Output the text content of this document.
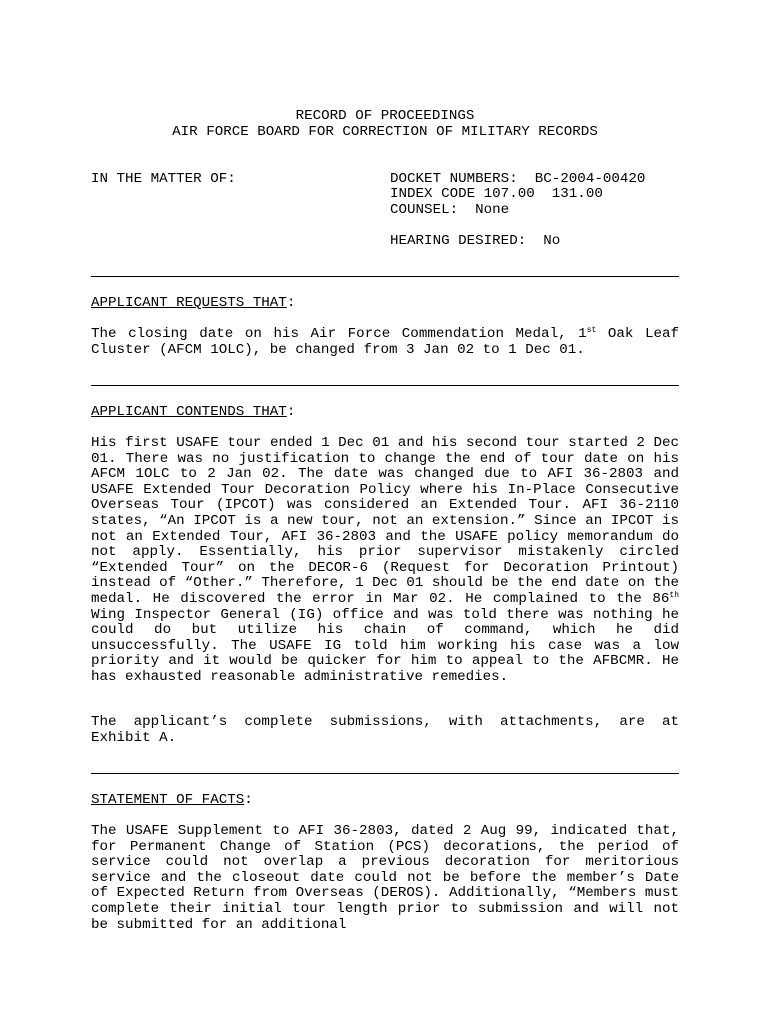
RECORD OF PROCEEDINGS
AIR FORCE BOARD FOR CORRECTION OF MILITARY RECORDS
IN THE MATTER OF:	DOCKET NUMBERS:  BC-2004-00420
INDEX CODE 107.00  131.00
COUNSEL:  None
HEARING DESIRED:  No
APPLICANT REQUESTS THAT:
The closing date on his Air Force Commendation Medal, 1st Oak Leaf Cluster (AFCM 1OLC), be changed from 3 Jan 02 to 1 Dec 01.
APPLICANT CONTENDS THAT:
His first USAFE tour ended 1 Dec 01 and his second tour started 2 Dec 01. There was no justification to change the end of tour date on his AFCM 1OLC to 2 Jan 02. The date was changed due to AFI 36-2803 and USAFE Extended Tour Decoration Policy where his In-Place Consecutive Overseas Tour (IPCOT) was considered an Extended Tour. AFI 36-2110 states, “An IPCOT is a new tour, not an extension.” Since an IPCOT is not an Extended Tour, AFI 36-2803 and the USAFE policy memorandum do not apply. Essentially, his prior supervisor mistakenly circled “Extended Tour” on the DECOR-6 (Request for Decoration Printout) instead of “Other.” Therefore, 1 Dec 01 should be the end date on the medal. He discovered the error in Mar 02. He complained to the 86th Wing Inspector General (IG) office and was told there was nothing he could do but utilize his chain of command, which he did unsuccessfully. The USAFE IG told him working his case was a low priority and it would be quicker for him to appeal to the AFBCMR. He has exhausted reasonable administrative remedies.
The applicant’s complete submissions, with attachments, are at Exhibit A.
STATEMENT OF FACTS:
The USAFE Supplement to AFI 36-2803, dated 2 Aug 99, indicated that, for Permanent Change of Station (PCS) decorations, the period of service could not overlap a previous decoration for meritorious service and the closeout date could not be before the member’s Date of Expected Return from Overseas (DEROS). Additionally, “Members must complete their initial tour length prior to submission and will not be submitted for an additional
